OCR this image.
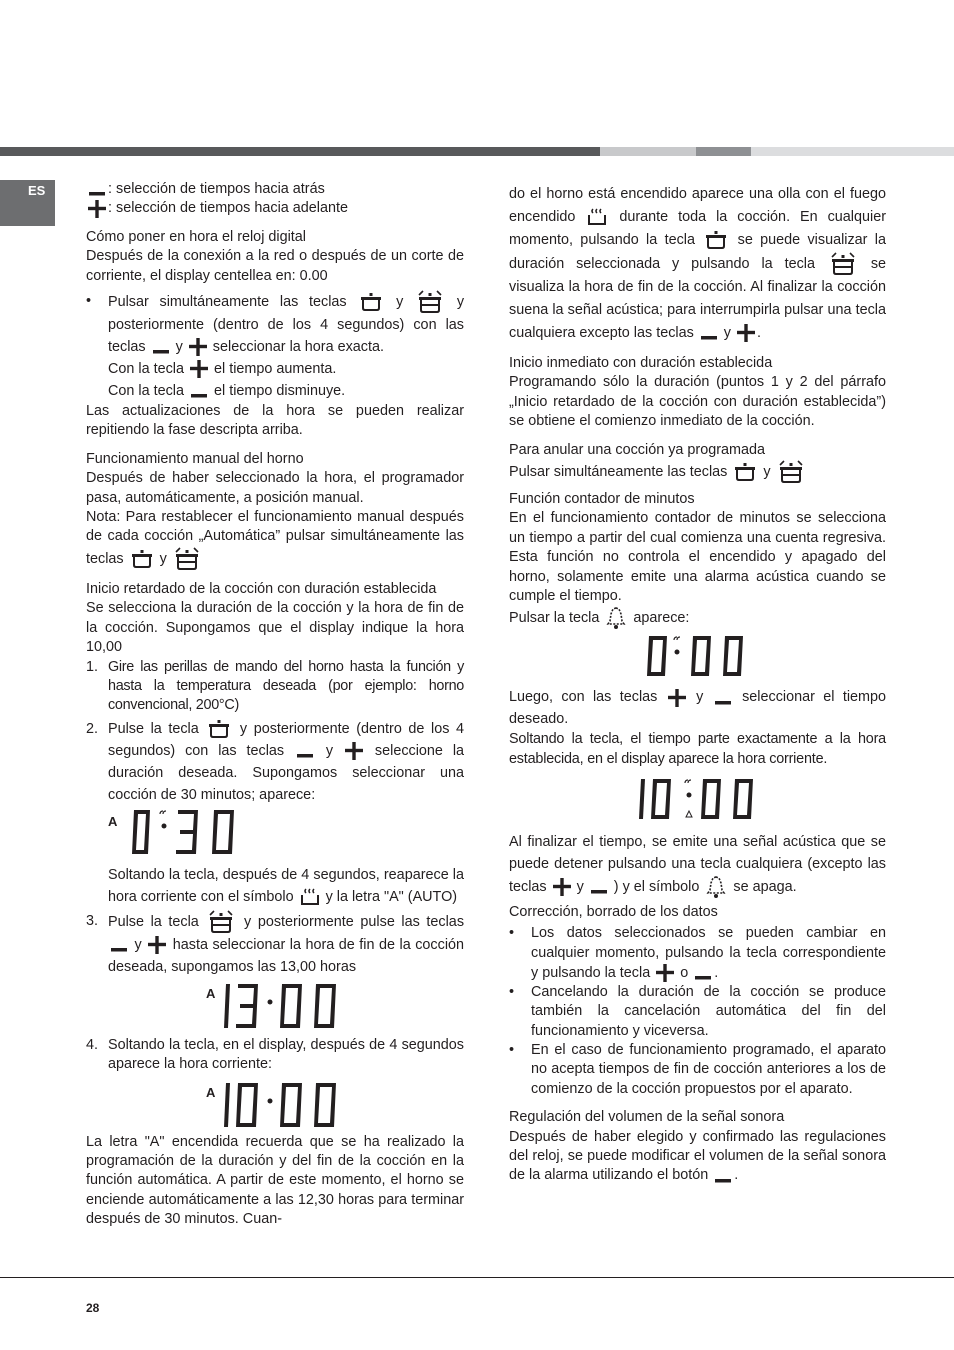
ES	: selección de tiempos hacia atrás

: selección de tiempos hacia adelante

Cómo poner en hora el reloj digital

Después de la conexión a la red o después de un corte de corriente, el display centellea en: 0.00

• Pulsar simultáneamente las teclas	y	y posteriormente (dentro de los 4 segundos) con las teclas y seleccionar la hora exacta.
Con la tecla el tiempo aumenta.
Con la tecla el tiempo disminuye.

Las actualizaciones de la hora se pueden realizar repitiendo la fase descripta arriba.

Funcionamiento manual del horno

Después de haber seleccionado la hora, el programador pasa, automáticamente, a posición manual.

Nota: Para restablecer el funcionamiento manual después de cada cocción „Automática” pulsar simultáneamente las teclas	y

Inicio retardado de la cocción con duración establecida

Se selecciona la duración de la cocción y la hora de fin de la cocción. Supongamos que el display indique la hora 10,00

1. Gire las perillas de mando del horno hasta la función y hasta la temperatura deseada (por ejemplo: horno convencional, 200°C)
2. Pulse la tecla	y posteriormente (dentro de los 4 segundos) con las teclas	y	seleccione la duración deseada. Supongamos seleccionar una cocción de 30 minutos; aparece:
A
Soltando la tecla, después de 4 segundos, reaparece la hora corriente con el símbolo y la letra "A" (AUTO)
3. Pulse la tecla	y posteriormente pulse las teclas  y hasta seleccionar la hora de fin de la cocción deseada, supongamos las 13,00 horas
A
4. Soltando la tecla, en el display, después de 4 segundos aparece la hora corriente:
A

La letra "A" encendida recuerda que se ha realizado la programación de la duración y del fin de la cocción en la función automática. A partir de este momento, el horno se enciende automáticamente a las 12,30 horas para terminar después de 30 minutos. Cuan-

do el horno está encendido aparece una olla con el fuego encendido	durante toda la cocción. En cualquier momento, pulsando la tecla	se puede visualizar la duración seleccionada y pulsando la tecla	se visualiza la hora de fin de la cocción. Al finalizar la cocción suena la señal acústica; para interrumpirla pulsar una tecla cualquiera excepto las teclas y .

Inicio inmediato con duración establecida

Programando sólo la duración (puntos 1 y 2 del párrafo „Inicio retardado de la cocción con duración establecida”) se obtiene el comienzo inmediato de la cocción.

Para anular una cocción ya programada

Pulsar simultáneamente las teclas	y

Función contador de minutos

En el funcionamiento contador de minutos se selecciona un tiempo a partir del cual comienza una cuenta regresiva. Esta función no controla el encendido y apagado del horno, solamente emite una alarma acústica cuando se cumple el tiempo.

Pulsar la tecla aparece:

Luego, con las teclas	y	seleccionar el tiempo deseado.

Soltando la tecla, el tiempo parte exactamente a la hora establecida, en el display aparece la hora corriente.

Al finalizar el tiempo, se emite una señal acústica que se puede detener pulsando una tecla cualquiera (excepto las teclas y ) y el símbolo se apaga.

Corrección, borrado de los datos

• Los datos seleccionados se pueden cambiar en cualquier momento, pulsando la tecla correspondiente y pulsando la tecla o .
• Cancelando la duración de la cocción se produce también la cancelación automática del fin del funcionamiento y viceversa.
• En el caso de funcionamiento programado, el aparato no acepta tiempos de fin de cocción anteriores a los de comienzo de la cocción propuestos por el aparato.

Regulación del volumen de la señal sonora

Después de haber elegido y confirmado las regulaciones del reloj, se puede modificar el volumen de la señal sonora de la alarma utilizando el botón .

28
